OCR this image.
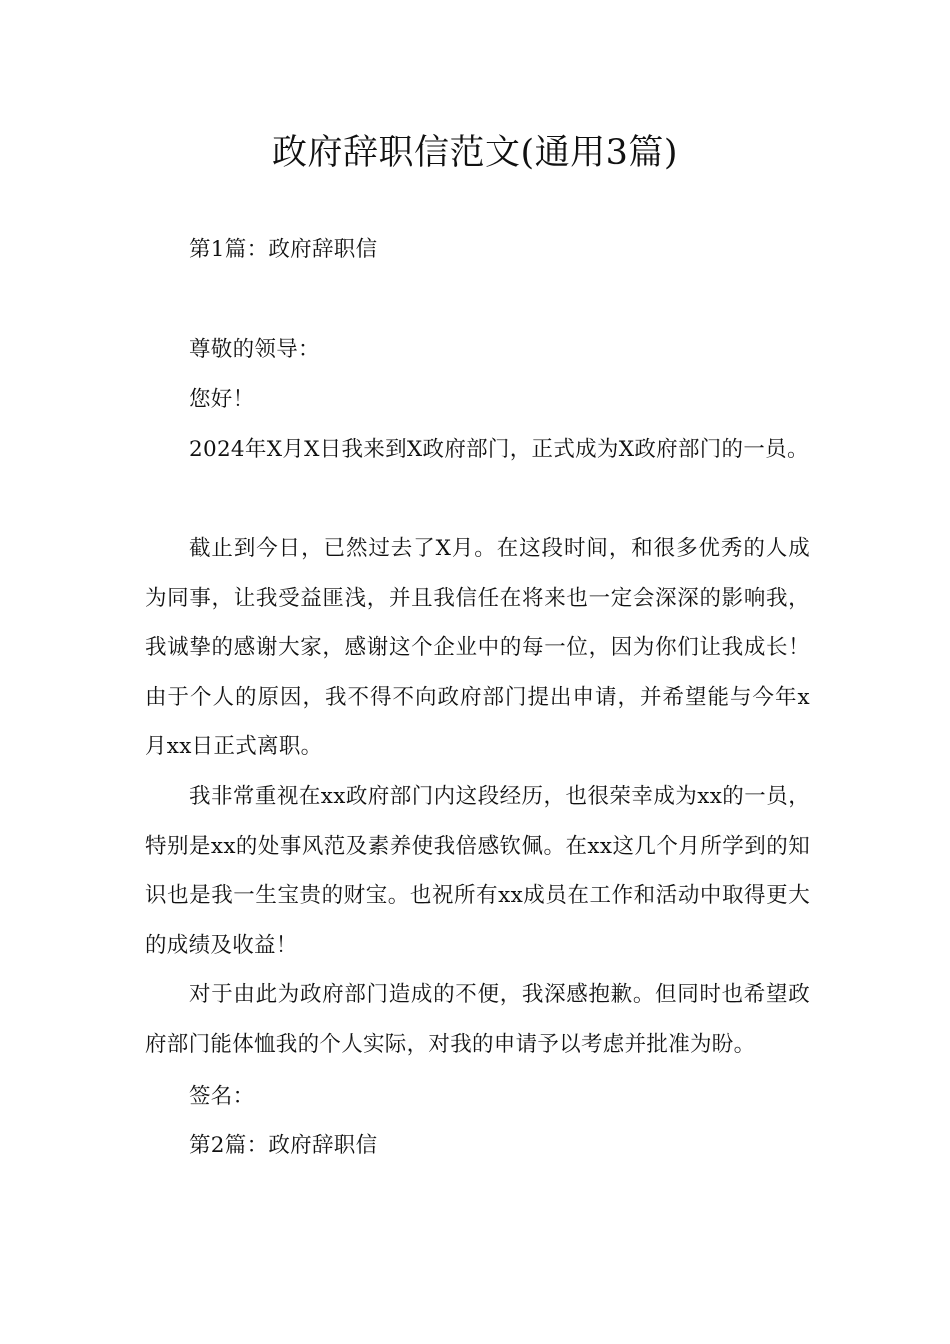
政府辞职信范文(通用3篇)

第1篇：政府辞职信

尊敬的领导：

您好！

2024年X月X日我来到X政府部门，正式成为X政府部门的一员。

截止到今日，已然过去了X月。在这段时间，和很多优秀的人成为同事，让我受益匪浅，并且我信任在将来也一定会深深的影响我，我诚挚的感谢大家，感谢这个企业中的每一位，因为你们让我成长！由于个人的原因，我不得不向政府部门提出申请，并希望能与今年x月xx日正式离职。

我非常重视在xx政府部门内这段经历，也很荣幸成为xx的一员，特别是xx的处事风范及素养使我倍感钦佩。在xx这几个月所学到的知识也是我一生宝贵的财宝。也祝所有xx成员在工作和活动中取得更大的成绩及收益！

对于由此为政府部门造成的不便，我深感抱歉。但同时也希望政府部门能体恤我的个人实际，对我的申请予以考虑并批准为盼。

签名：

第2篇：政府辞职信
